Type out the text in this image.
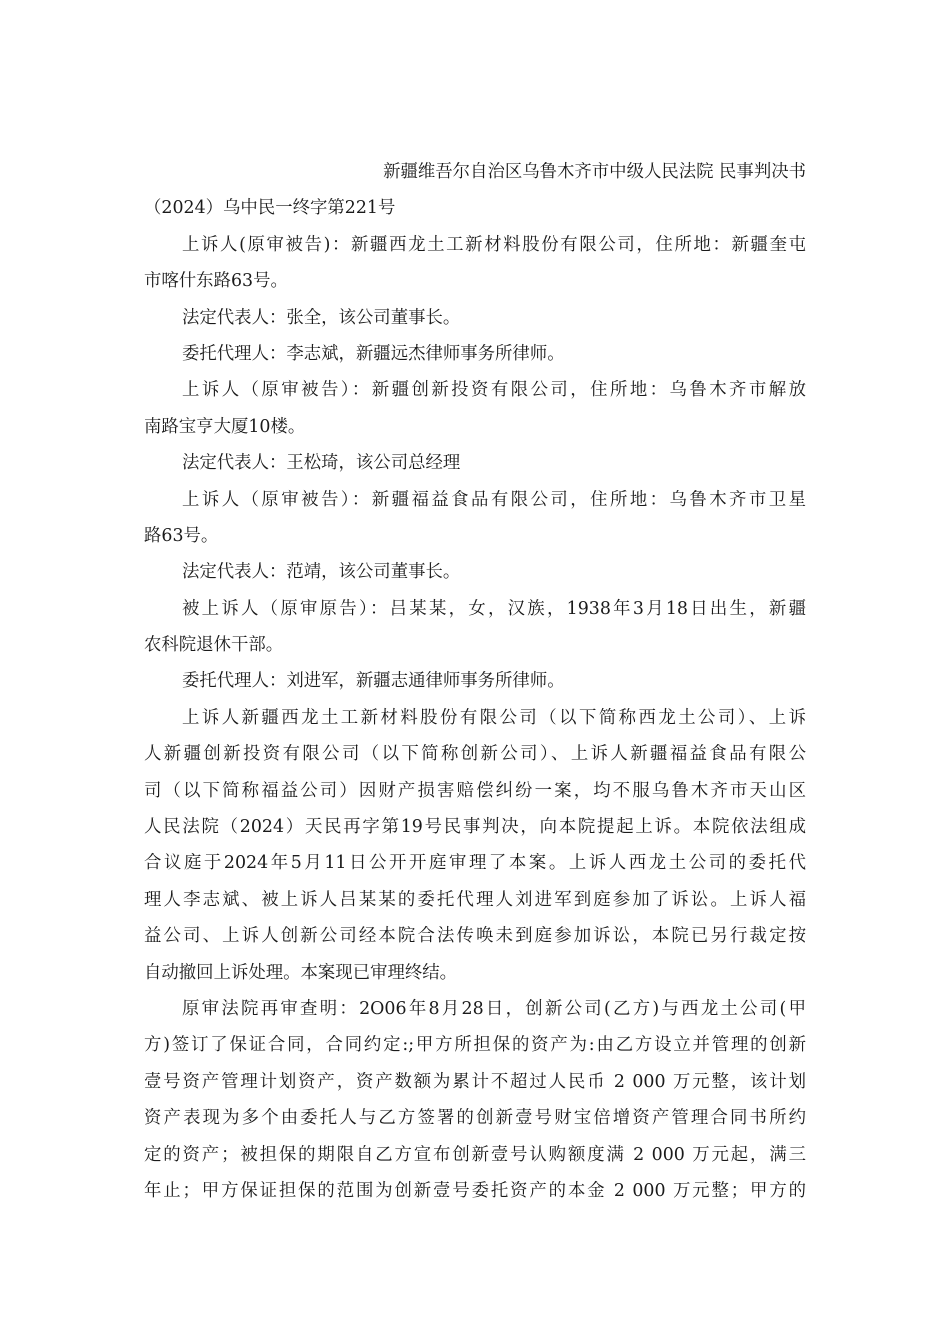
新疆维吾尔自治区乌鲁木齐市中级人民法院 民事判决书
（2024）乌中民一终字第221号
上诉人(原审被告)：新疆西龙土工新材料股份有限公司，住所地：新疆奎屯
市喀什东路63号。
法定代表人：张全，该公司董事长。
委托代理人：李志斌，新疆远杰律师事务所律师。
上诉人（原审被告）：新疆创新投资有限公司，住所地：乌鲁木齐市解放
南路宝亨大厦10楼。
法定代表人：王松琦，该公司总经理
上诉人（原审被告）：新疆福益食品有限公司，住所地：乌鲁木齐市卫星
路63号。
法定代表人：范靖，该公司董事长。
被上诉人（原审原告）：吕某某，女，汉族，1938年3月18日出生，新疆
农科院退休干部。
委托代理人：刘进军，新疆志通律师事务所律师。
上诉人新疆西龙土工新材料股份有限公司（以下简称西龙土公司）、上诉
人新疆创新投资有限公司（以下简称创新公司）、上诉人新疆福益食品有限公
司（以下简称福益公司）因财产损害赔偿纠纷一案，均不服乌鲁木齐市天山区
人民法院（2024）天民再字第19号民事判决，向本院提起上诉。本院依法组成
合议庭于2024年5月11日公开开庭审理了本案。上诉人西龙土公司的委托代
理人李志斌、被上诉人吕某某的委托代理人刘进军到庭参加了诉讼。上诉人福
益公司、上诉人创新公司经本院合法传唤未到庭参加诉讼，本院已另行裁定按
自动撤回上诉处理。本案现已审理终结。
原审法院再审查明：2O06年8月28日，创新公司(乙方)与西龙土公司(甲
方)签订了保证合同，合同约定:;甲方所担保的资产为:由乙方设立并管理的创新
壹号资产管理计划资产，资产数额为累计不超过人民币 2 000 万元整，该计划
资产表现为多个由委托人与乙方签署的创新壹号财宝倍增资产管理合同书所约
定的资产；被担保的期限自乙方宣布创新壹号认购额度满 2 000 万元起，满三
年止；甲方保证担保的范围为创新壹号委托资产的本金 2 000 万元整；甲方的
